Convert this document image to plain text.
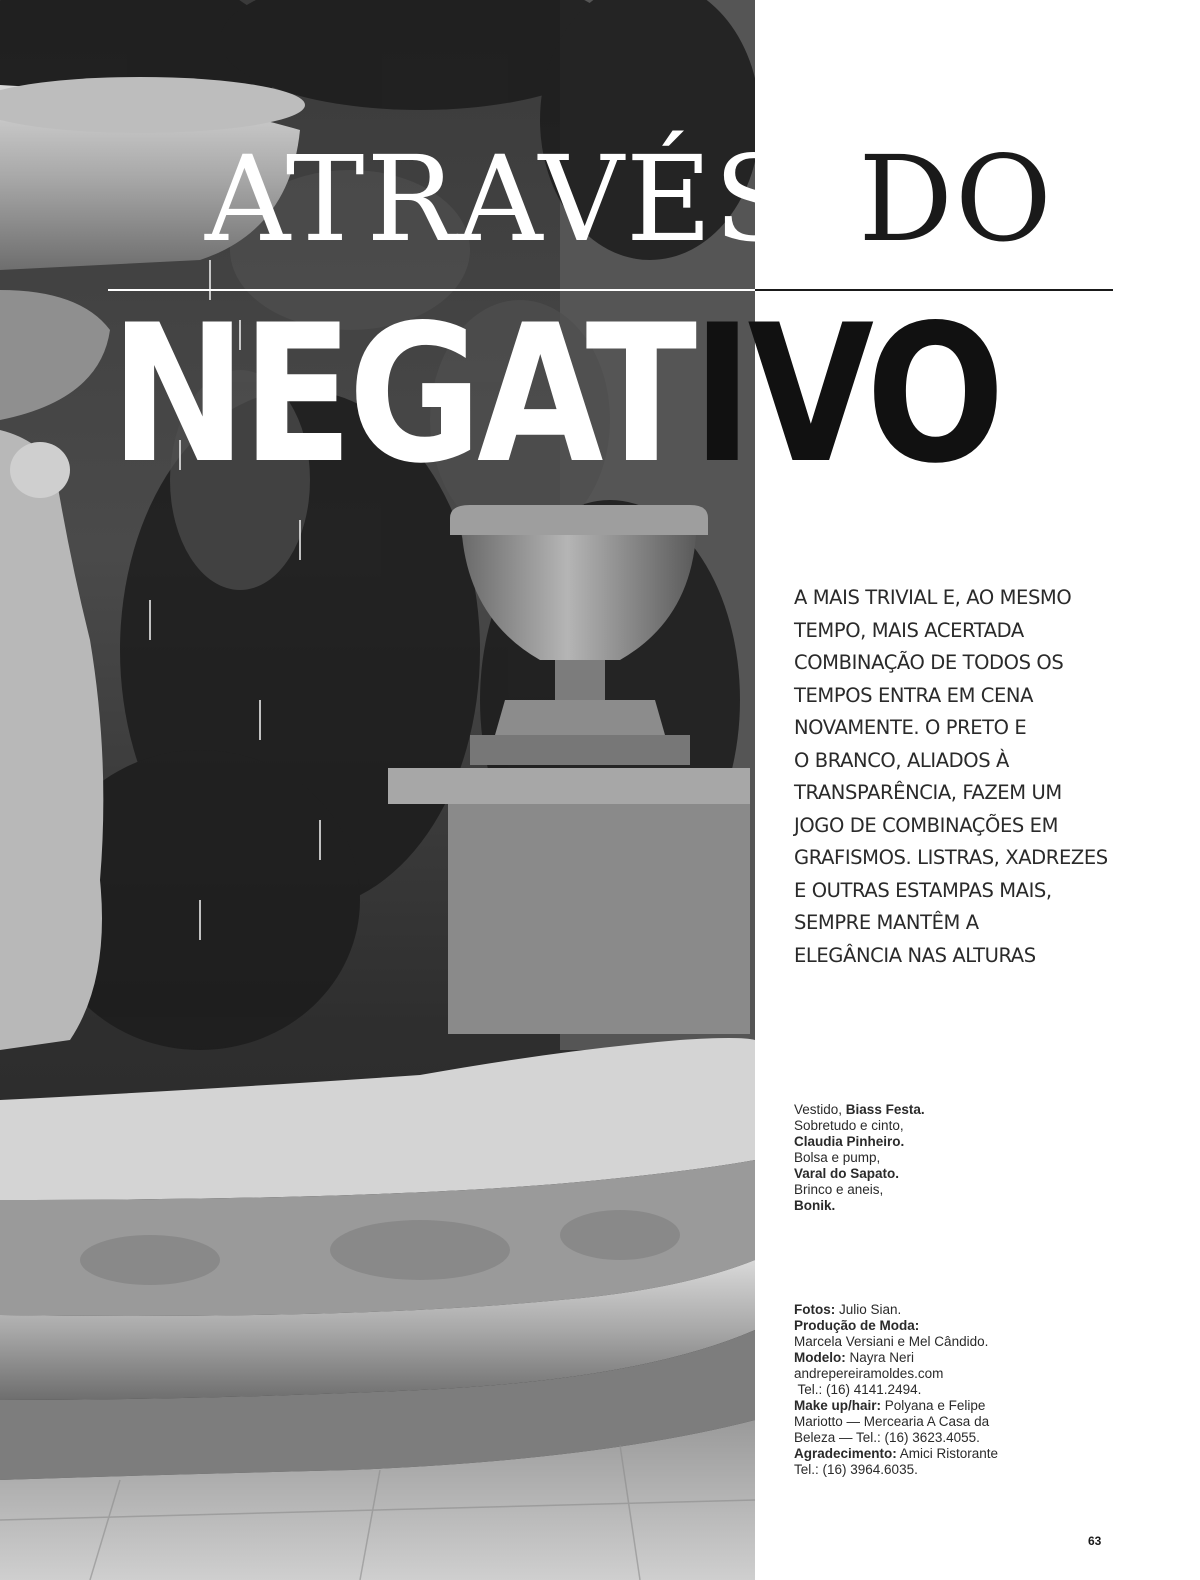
ATRAVÉS DO
NEGATIVO
A MAIS TRIVIAL E, AO MESMO
TEMPO, MAIS ACERTADA
COMBINAÇÃO DE TODOS OS
TEMPOS ENTRA EM CENA
NOVAMENTE. O PRETO E
O BRANCO, ALIADOS À
TRANSPARÊNCIA, FAZEM UM
JOGO DE COMBINAÇÕES EM
GRAFISMOS. LISTRAS, XADREZES
E OUTRAS ESTAMPAS MAIS,
SEMPRE MANTÊM A
ELEGÂNCIA NAS ALTURAS
Vestido, Biass Festa.
Sobretudo e cinto,
Claudia Pinheiro.
Bolsa e pump,
Varal do Sapato.
Brinco e aneis,
Bonik.
Fotos: Julio Sian.
Produção de Moda:
Marcela Versiani e Mel Cândido.
Modelo: Nayra Neri
andrepereiramoldes.com
Tel.: (16) 4141.2494.
Make up/hair: Polyana e Felipe
Mariotto — Mercearia A Casa da
Beleza — Tel.: (16) 3623.4055.
Agradecimento: Amici Ristorante
Tel.: (16) 3964.6035.
63
